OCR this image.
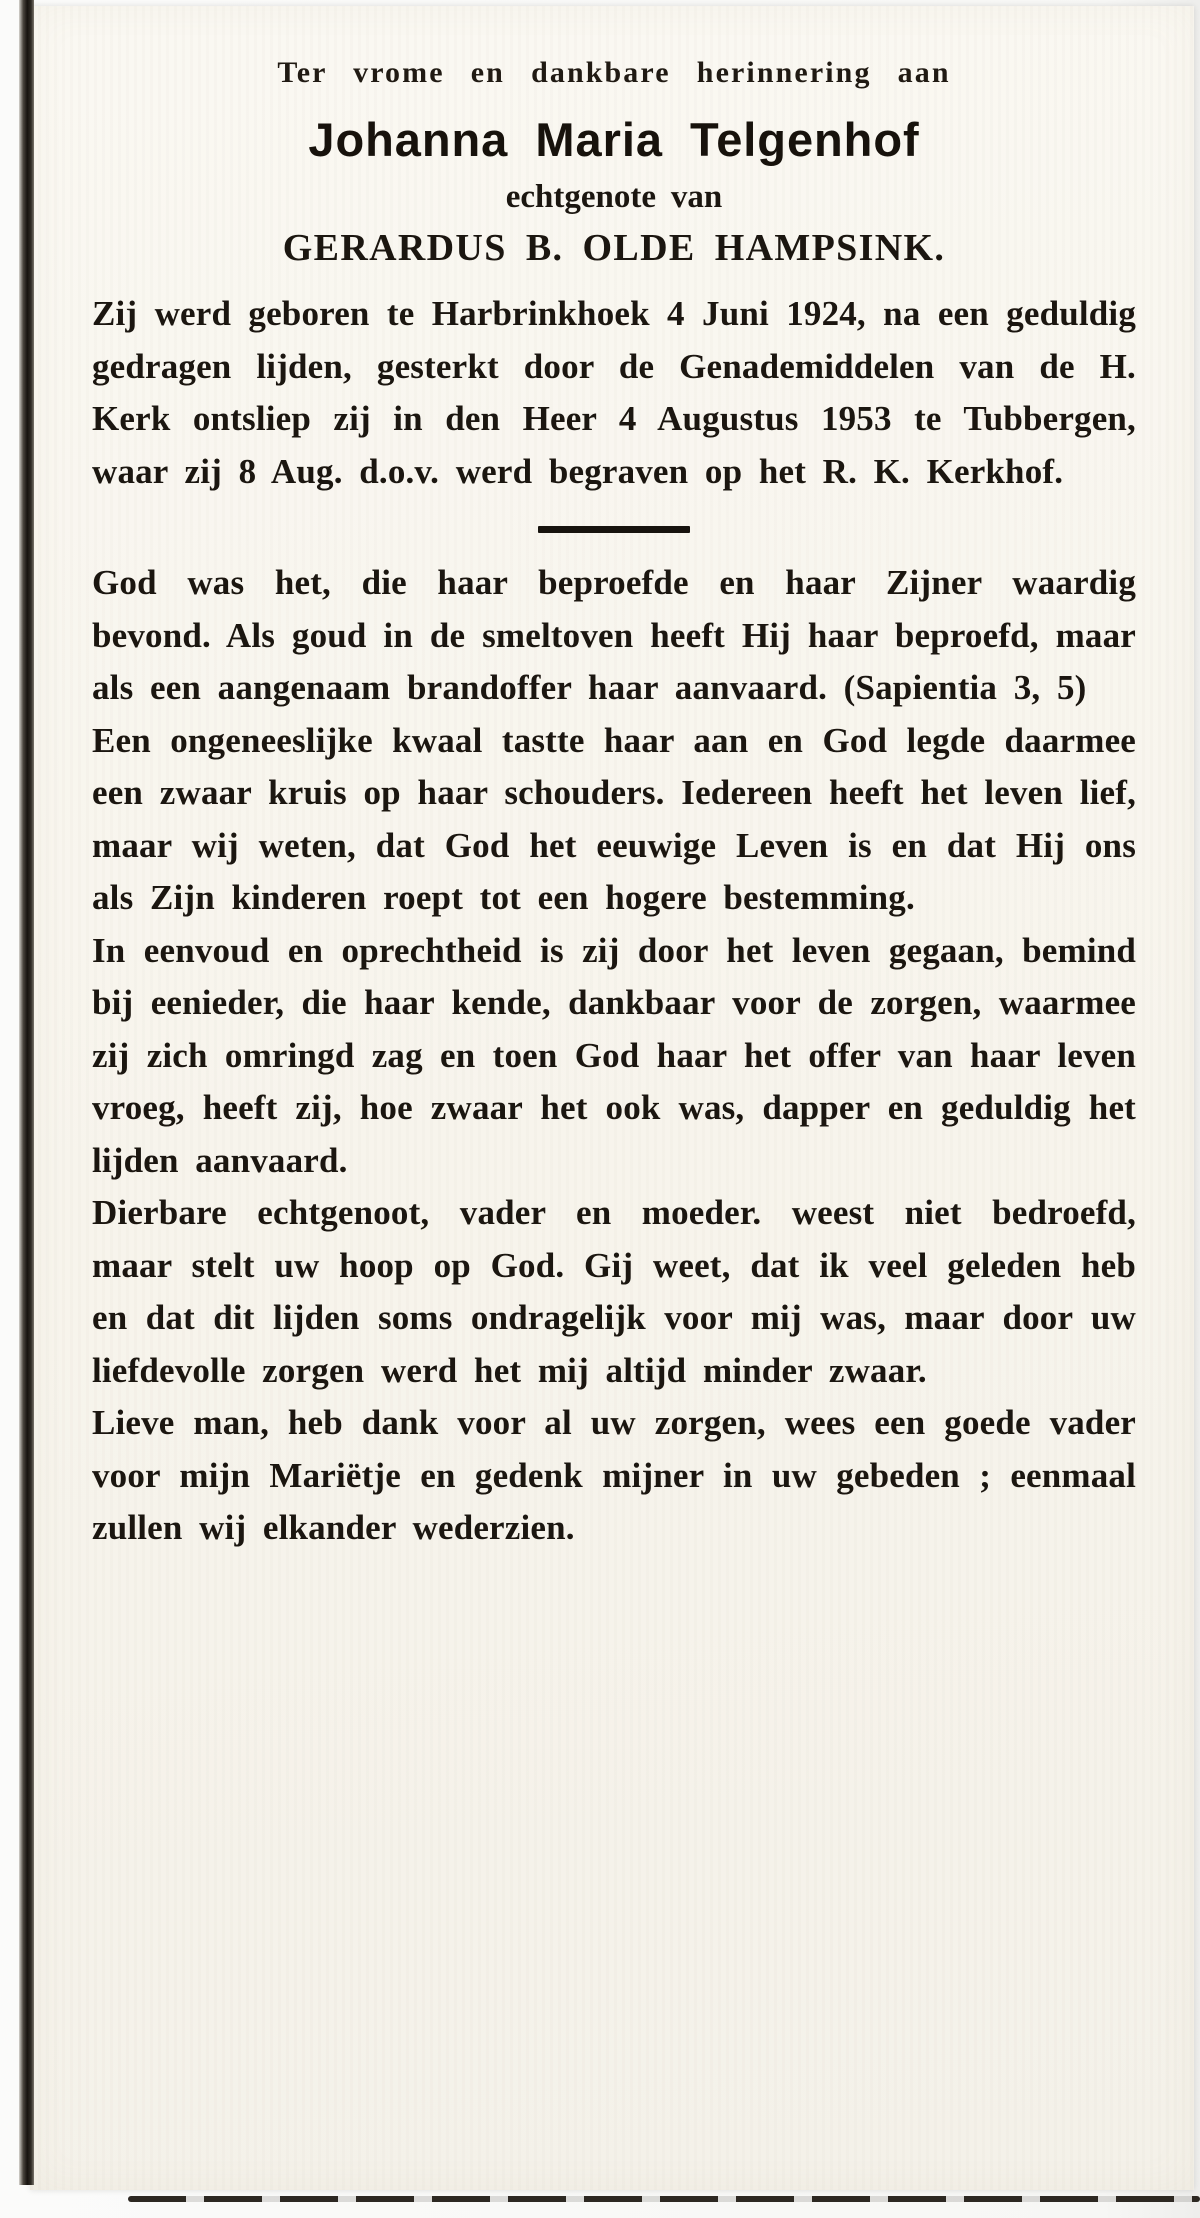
Ter vrome en dankbare herinnering aan

Johanna Maria Telgenhof

echtgenote van

GERARDUS B. OLDE HAMPSINK.

Zij werd geboren te Harbrinkhoek 4 Juni 1924, na een geduldig gedragen lijden, gesterkt door de Genademiddelen van de H. Kerk ontsliep zij in den Heer 4 Augustus 1953 te Tubbergen, waar zij 8 Aug. d.o.v. werd begraven op het R. K. Kerkhof.

God was het, die haar beproefde en haar Zijner waardig bevond. Als goud in de smeltoven heeft Hij haar beproefd, maar als een aangenaam brandoffer haar aanvaard. (Sapientia 3, 5)

Een ongeneeslijke kwaal tastte haar aan en God legde daarmee een zwaar kruis op haar schouders. Iedereen heeft het leven lief, maar wij weten, dat God het eeuwige Leven is en dat Hij ons als Zijn kinderen roept tot een hogere bestemming.

In eenvoud en oprechtheid is zij door het leven gegaan, bemind bij eenieder, die haar kende, dankbaar voor de zorgen, waarmee zij zich omringd zag en toen God haar het offer van haar leven vroeg, heeft zij, hoe zwaar het ook was, dapper en geduldig het lijden aanvaard.

Dierbare echtgenoot, vader en moeder. weest niet bedroefd, maar stelt uw hoop op God. Gij weet, dat ik veel geleden heb en dat dit lijden soms ondragelijk voor mij was, maar door uw liefdevolle zorgen werd het mij altijd minder zwaar.

Lieve man, heb dank voor al uw zorgen, wees een goede vader voor mijn Mariëtje en gedenk mijner in uw gebeden ; eenmaal zullen wij elkander wederzien.
